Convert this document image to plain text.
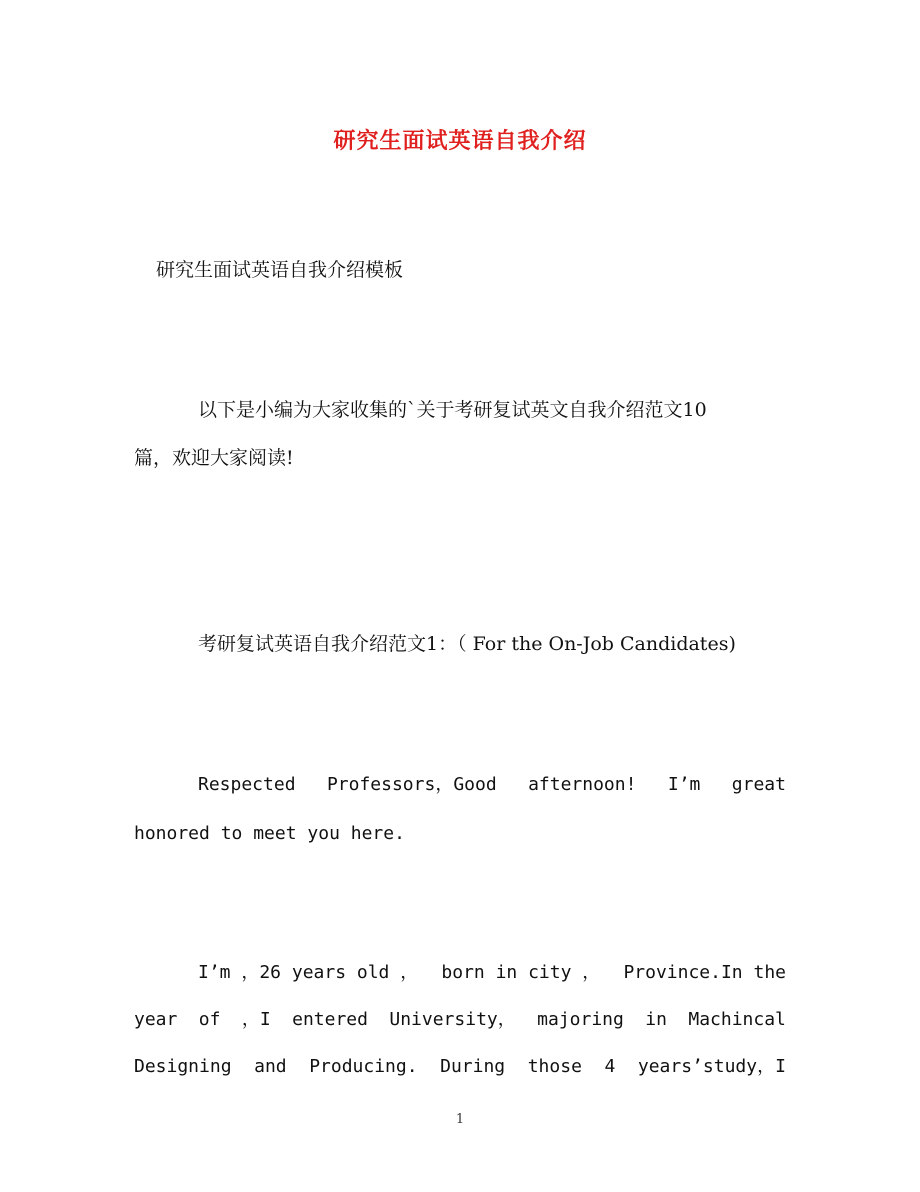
研究生面试英语自我介绍
研究生面试英语自我介绍模板
以下是小编为大家收集的`关于考研复试英文自我介绍范文10
篇，欢迎大家阅读!
考研复试英语自我介绍范文1：（ For the On-Job Candidates)
Respected Professors，Good afternoon! I’m great
honored to meet you here.
I’m ，26 years old ， born in city ， Province.In the
year of ，I entered University， majoring in Machincal
Designing and Producing. During those 4 years’study，I
1
